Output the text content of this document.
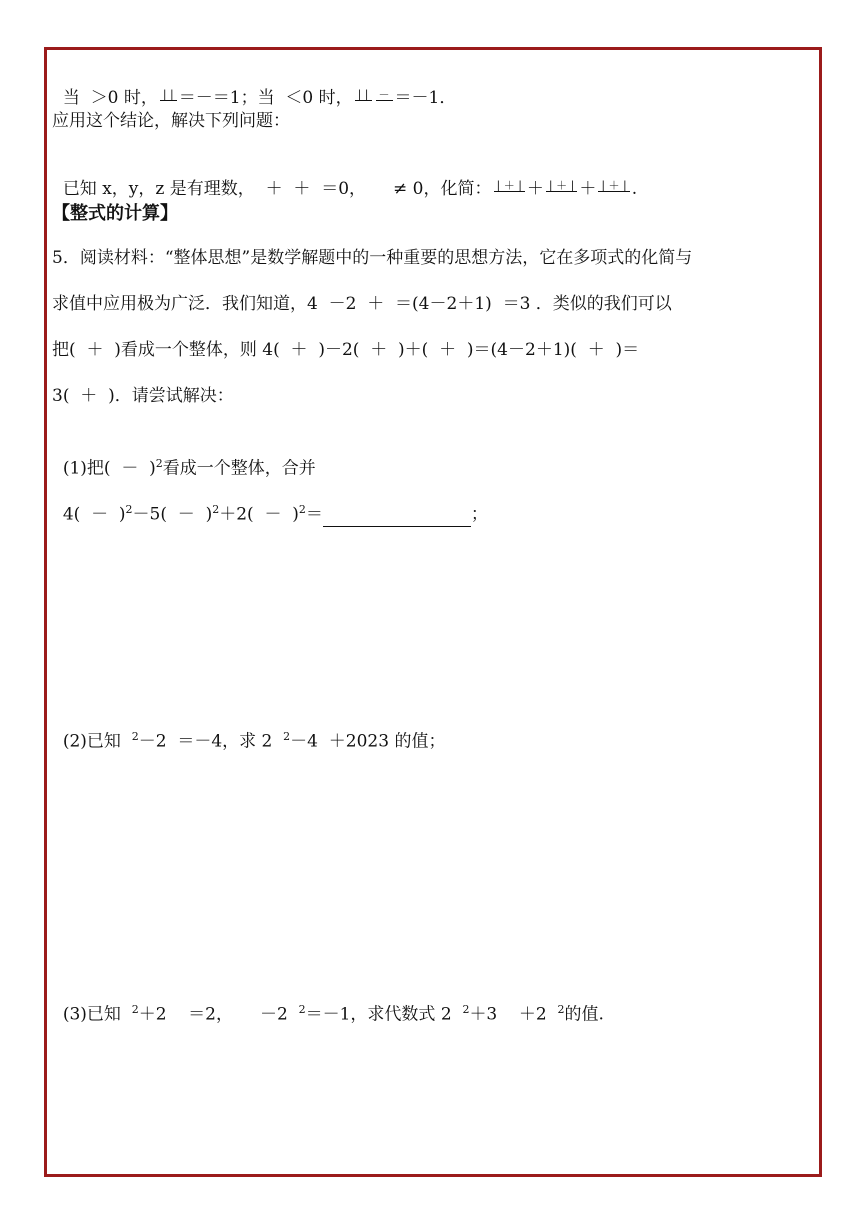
当  ＞0 时， | | ＝－＝1；当  ＜0 时， | | － ＝－1．

应用这个结论，解决下列问题：

已知 x，y，z 是有理数，  ＋  ＋  ＝0，     ≠ 0，化简： | ＋ | ＋ | ＋ | ＋ | ＋ | .

【整式的计算】
5．阅读材料：“整体思想”是数学解题中的一种重要的思想方法，它在多项式的化简与
求值中应用极为广泛．我们知道，4  －2  ＋  ＝(4－2＋1)  ＝3 ．类似的我们可以
把(  ＋  )看成一个整体，则 4(  ＋  )－2(  ＋  )＋(  ＋  )＝(4－2＋1)(  ＋  )＝
3(  ＋  )．请尝试解决：

(1)把(  －  )$^2$看成一个整体，合并

$4( - )^2-5( - )^2+2( - )^2=$	；

(2)已知  $^2$－2  ＝－4，求 2  $^2$－4  ＋2023 的值；

(3)已知  $^2$＋2    ＝2，     －2  $^2$＝－1，求代数式 2  $^2$＋3    ＋2  $^2$的值.
